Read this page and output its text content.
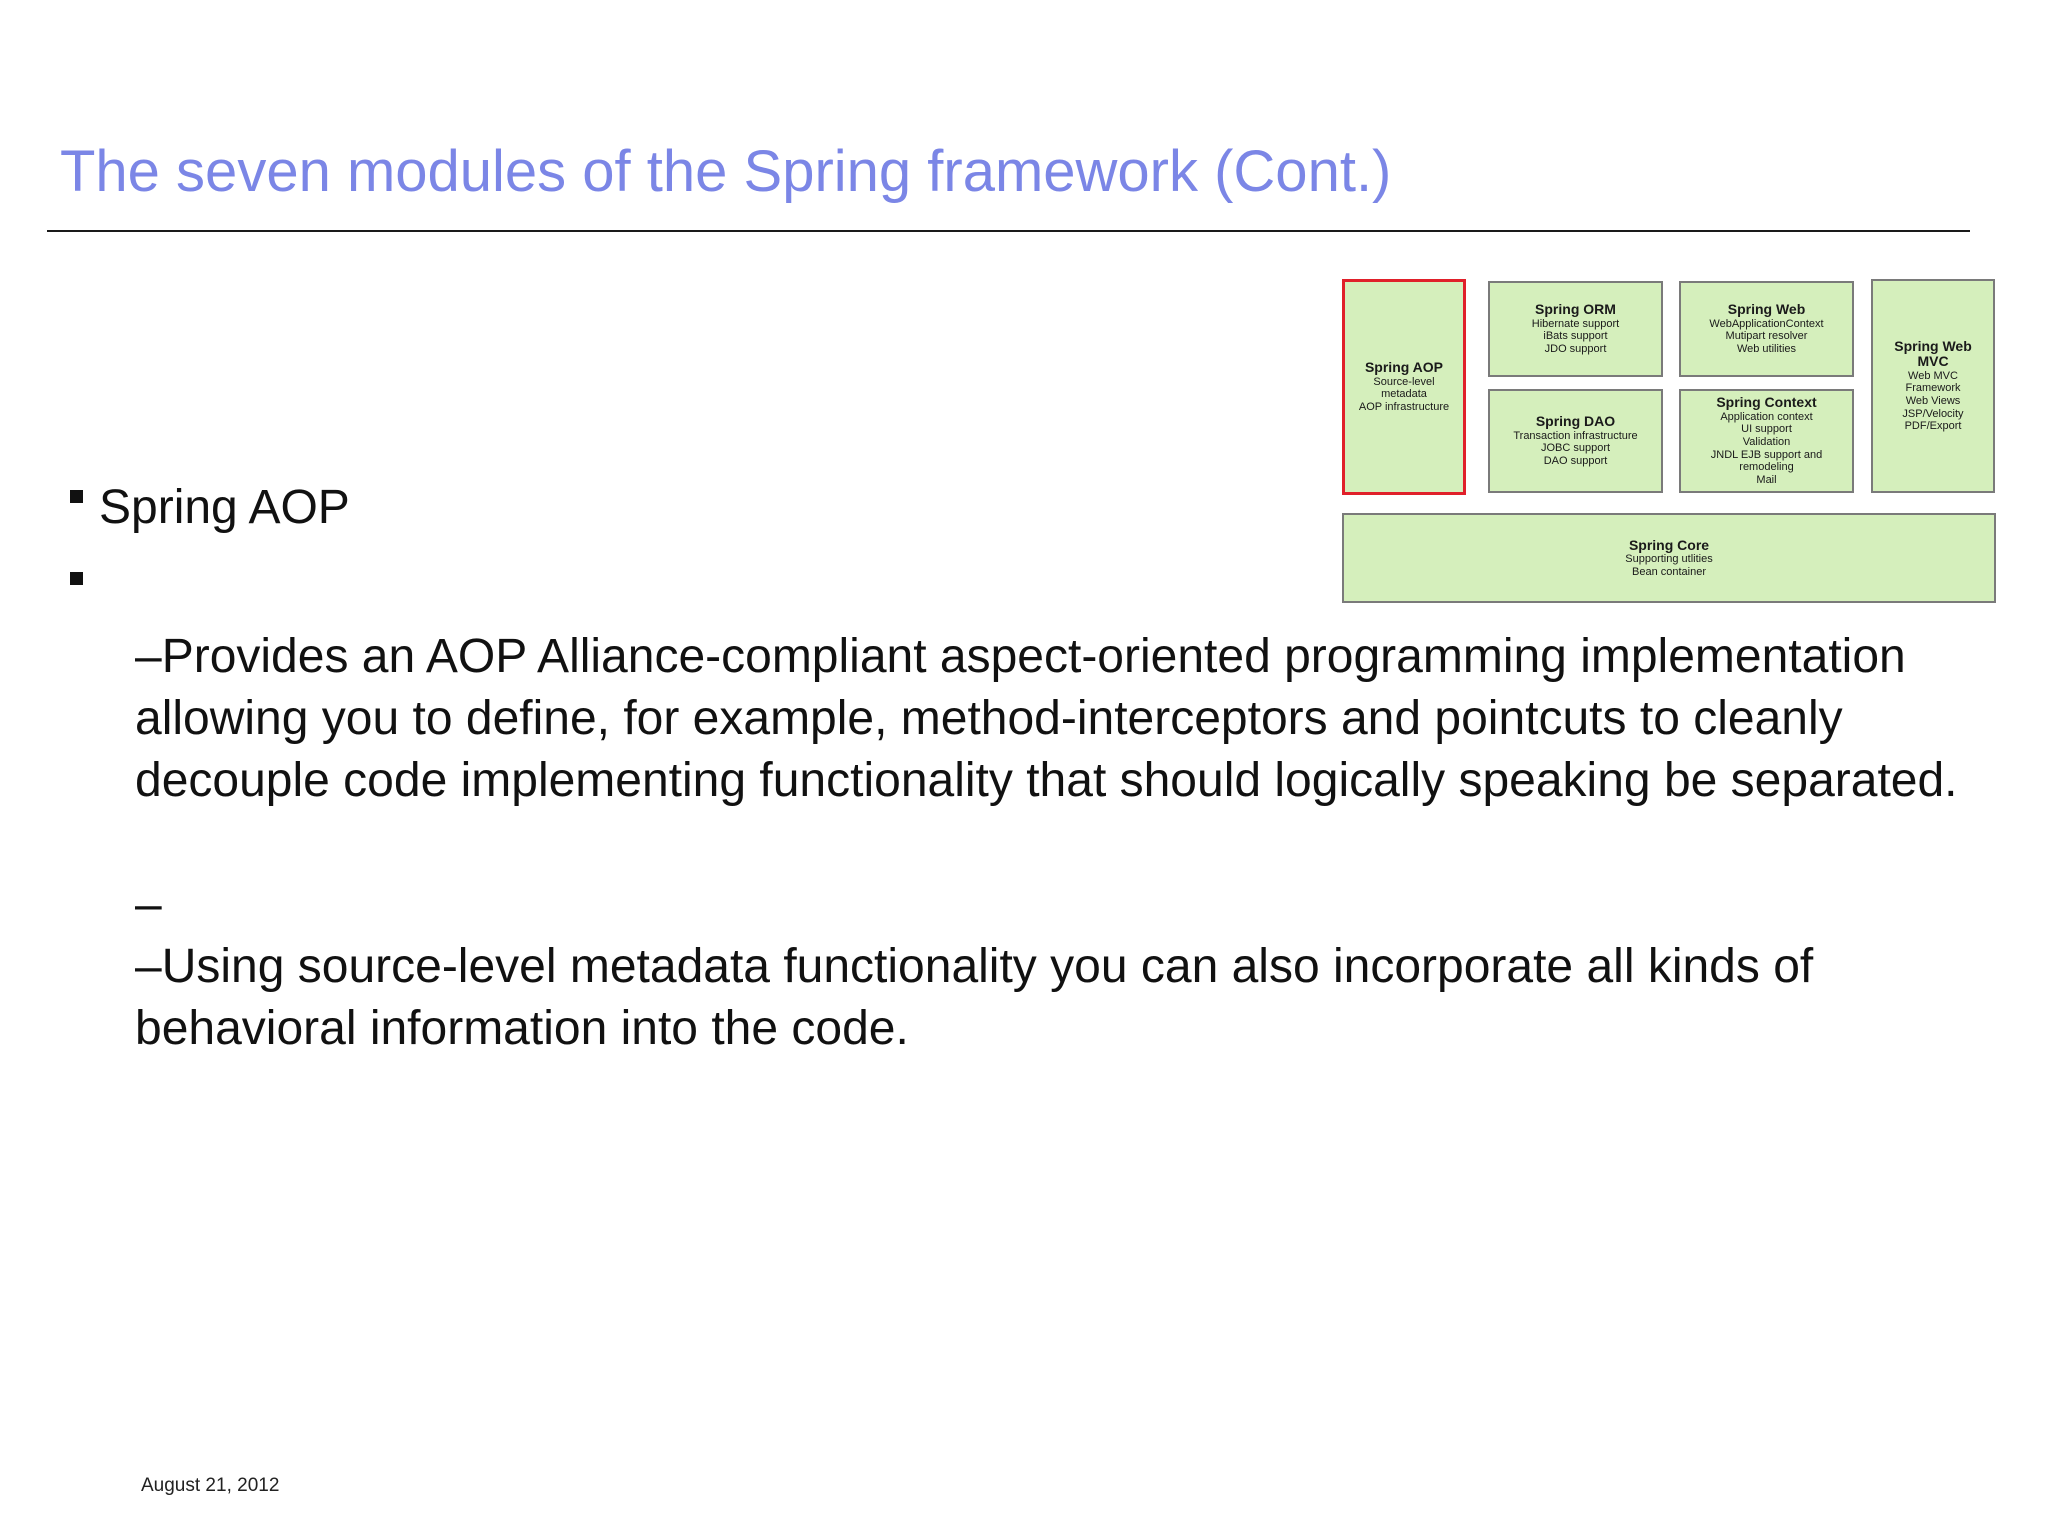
The seven modules of the Spring framework (Cont.)
Spring AOP
Source-level
metadata
AOP infrastructure
Spring ORM
Hibernate support
iBats support
JDO support
Spring Web
WebApplicationContext
Mutipart resolver
Web utilities	Spring Web MVC
Web MVC
Framework
Web Views
JSP/Velocity
PDF/Export
Spring DAO
Transaction infrastructure
JOBC support
DAO support
Spring Context
Application context
UI support
Validation
JNDL EJB support and
remodeling
Mail
Spring Core
Supporting utlities
Bean container
Spring AOP
–Provides an AOP Alliance-compliant aspect-oriented programming implementation allowing you to define, for example, method-interceptors and pointcuts to cleanly decouple code implementing functionality that should logically speaking be separated.
–
–Using source-level metadata functionality you can also incorporate all kinds of behavioral information into the code.
August 21, 2012
